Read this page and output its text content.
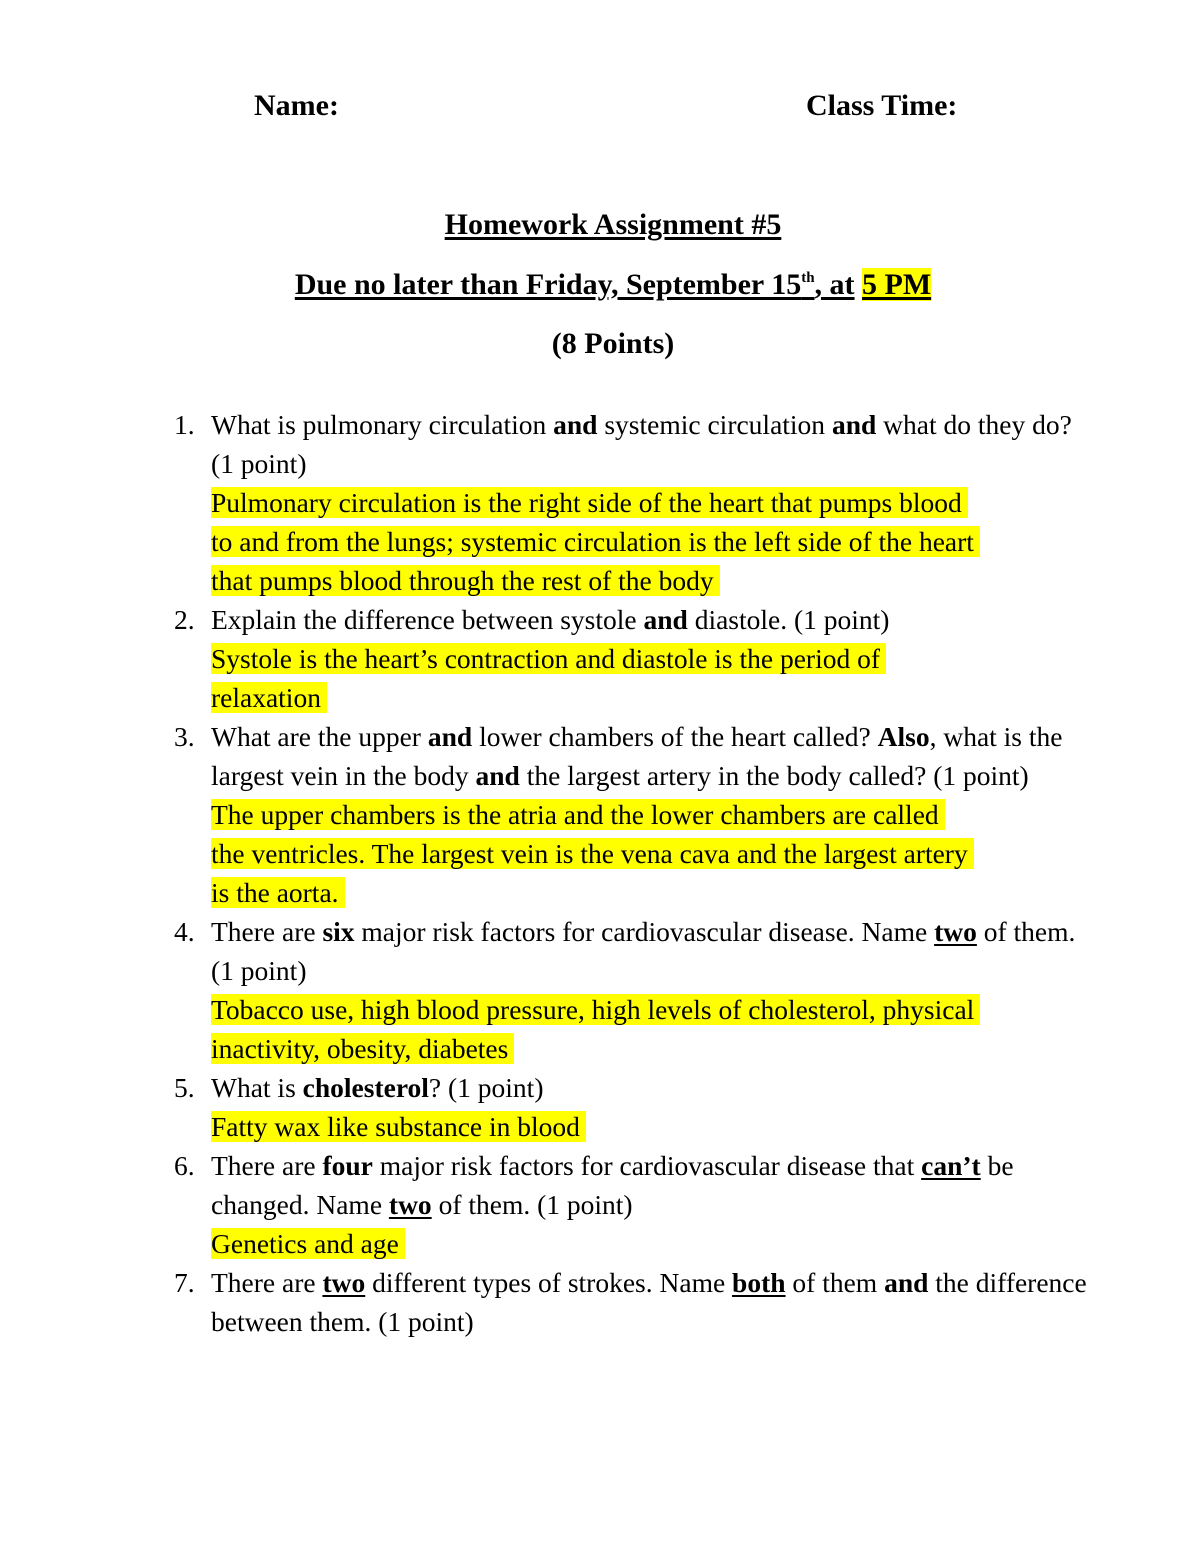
Name:	Class Time:
Homework Assignment #5
Due no later than Friday, September 15th, at 5 PM
(8 Points)
1. What is pulmonary circulation and systemic circulation and what do they do? (1 point)
Pulmonary circulation is the right side of the heart that pumps blood
to and from the lungs; systemic circulation is the left side of the heart
that pumps blood through the rest of the body
2. Explain the difference between systole and diastole. (1 point)
Systole is the heart’s contraction and diastole is the period of
relaxation
3. What are the upper and lower chambers of the heart called? Also, what is the largest vein in the body and the largest artery in the body called? (1 point)
The upper chambers is the atria and the lower chambers are called
the ventricles. The largest vein is the vena cava and the largest artery
is the aorta.
4. There are six major risk factors for cardiovascular disease. Name two of them. (1 point)
Tobacco use, high blood pressure, high levels of cholesterol, physical
inactivity, obesity, diabetes
5. What is cholesterol? (1 point)
Fatty wax like substance in blood
6. There are four major risk factors for cardiovascular disease that can’t be changed. Name two of them. (1 point)
Genetics and age
7. There are two different types of strokes. Name both of them and the difference between them. (1 point)
